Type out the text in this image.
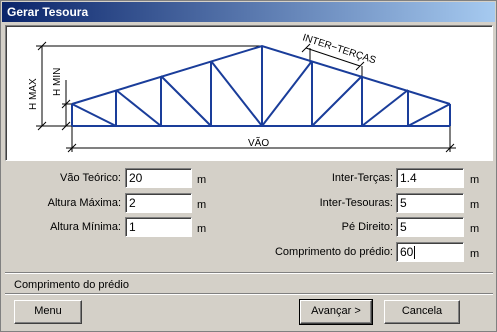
Gerar Tesoura
H MAX H MIN
INTER−TERÇAS
VÃO
Vão Teórico: 20	m
Altura Máxima: 2	m
Altura Mínima: 1	m
Inter-Terças: 1.4	m
Inter-Tesouras: 5	m
Pé Direito: 5	m
Comprimento do prédio: 60	m
Comprimento do prédio
Menu	Avançar >	Cancela
